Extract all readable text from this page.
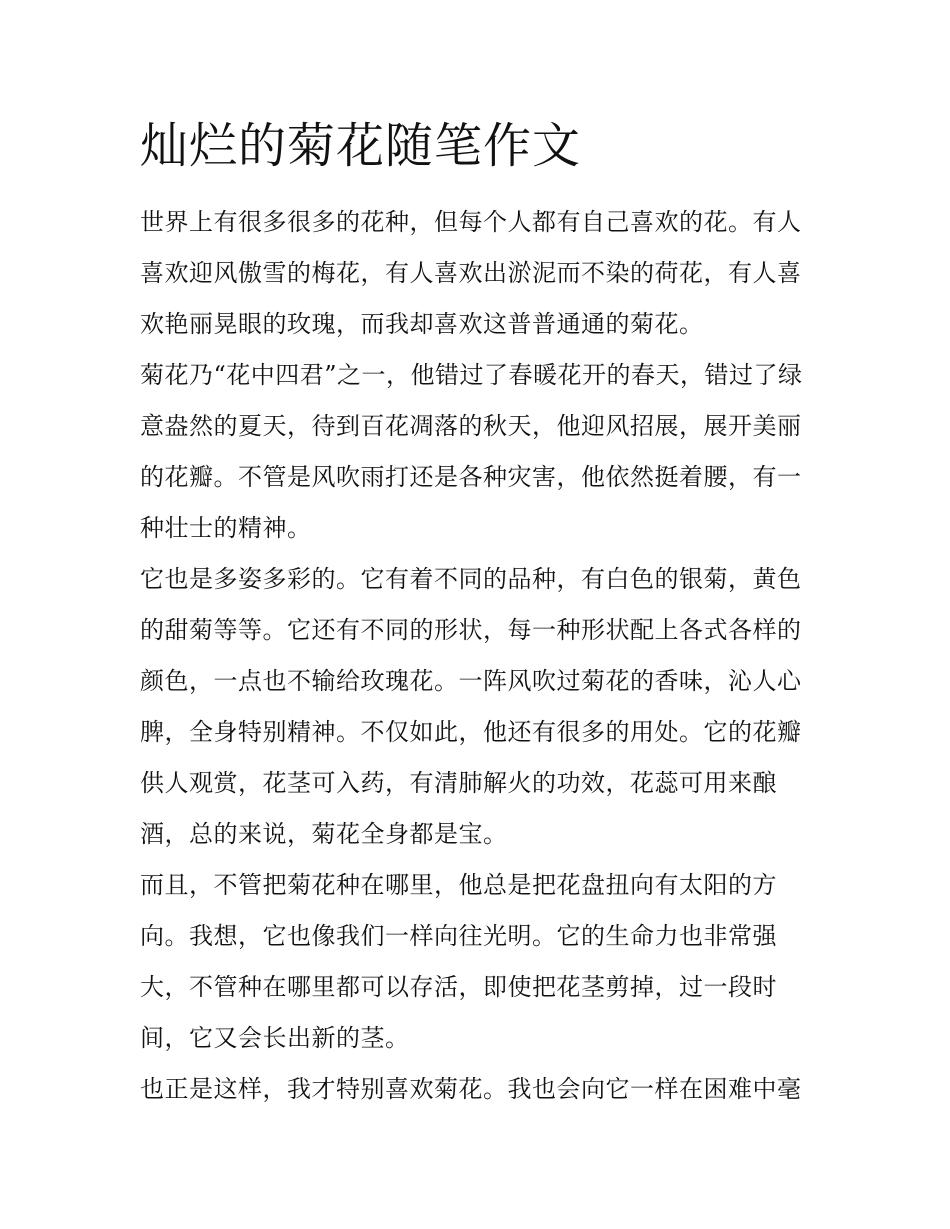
灿烂的菊花随笔作文

世界上有很多很多的花种，但每个人都有自己喜欢的花。有人

喜欢迎风傲雪的梅花，有人喜欢出淤泥而不染的荷花，有人喜

欢艳丽晃眼的玫瑰，而我却喜欢这普普通通的菊花。

菊花乃“花中四君”之一，他错过了春暖花开的春天，错过了绿

意盎然的夏天，待到百花凋落的秋天，他迎风招展，展开美丽

的花瓣。不管是风吹雨打还是各种灾害，他依然挺着腰，有一

种壮士的精神。

它也是多姿多彩的。它有着不同的品种，有白色的银菊，黄色

的甜菊等等。它还有不同的形状，每一种形状配上各式各样的

颜色，一点也不输给玫瑰花。一阵风吹过菊花的香味，沁人心

脾，全身特别精神。不仅如此，他还有很多的用处。它的花瓣

供人观赏，花茎可入药，有清肺解火的功效，花蕊可用来酿

酒，总的来说，菊花全身都是宝。

而且，不管把菊花种在哪里，他总是把花盘扭向有太阳的方

向。我想，它也像我们一样向往光明。它的生命力也非常强

大，不管种在哪里都可以存活，即使把花茎剪掉，过一段时

间，它又会长出新的茎。

也正是这样，我才特别喜欢菊花。我也会向它一样在困难中毫
